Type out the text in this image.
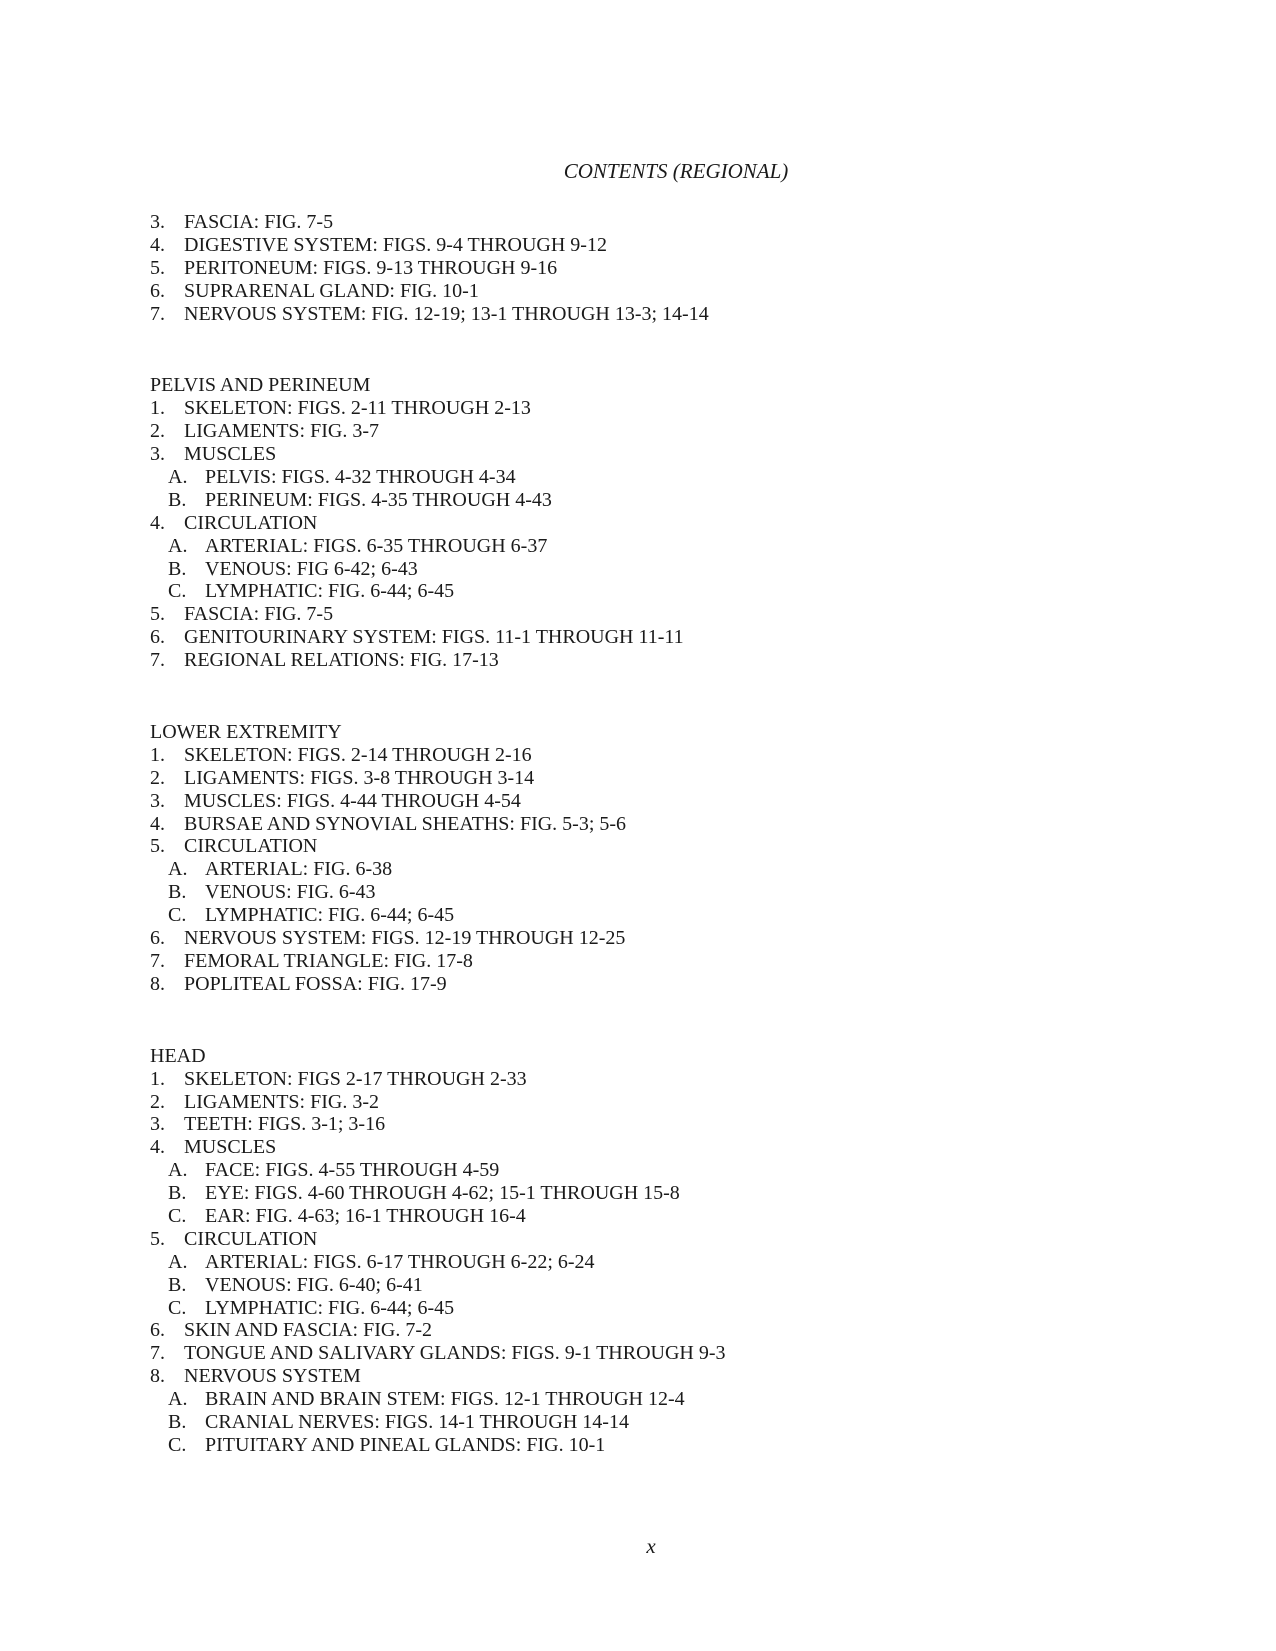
CONTENTS (REGIONAL)
3. FASCIA: FIG. 7-5
4. DIGESTIVE SYSTEM: FIGS. 9-4 THROUGH 9-12
5. PERITONEUM: FIGS. 9-13 THROUGH 9-16
6. SUPRARENAL GLAND: FIG. 10-1
7. NERVOUS SYSTEM: FIG. 12-19; 13-1 THROUGH 13-3; 14-14
PELVIS AND PERINEUM
1. SKELETON: FIGS. 2-11 THROUGH 2-13
2. LIGAMENTS: FIG. 3-7
3. MUSCLES
A. PELVIS: FIGS. 4-32 THROUGH 4-34
B. PERINEUM: FIGS. 4-35 THROUGH 4-43
4. CIRCULATION
A. ARTERIAL: FIGS. 6-35 THROUGH 6-37
B. VENOUS: FIG 6-42; 6-43
C. LYMPHATIC: FIG. 6-44; 6-45
5. FASCIA: FIG. 7-5
6. GENITOURINARY SYSTEM: FIGS. 11-1 THROUGH 11-11
7. REGIONAL RELATIONS: FIG. 17-13
LOWER EXTREMITY
1. SKELETON: FIGS. 2-14 THROUGH 2-16
2. LIGAMENTS: FIGS. 3-8 THROUGH 3-14
3. MUSCLES: FIGS. 4-44 THROUGH 4-54
4. BURSAE AND SYNOVIAL SHEATHS: FIG. 5-3; 5-6
5. CIRCULATION
A. ARTERIAL: FIG. 6-38
B. VENOUS: FIG. 6-43
C. LYMPHATIC: FIG. 6-44; 6-45
6. NERVOUS SYSTEM: FIGS. 12-19 THROUGH 12-25
7. FEMORAL TRIANGLE: FIG. 17-8
8. POPLITEAL FOSSA: FIG. 17-9
HEAD
1. SKELETON: FIGS 2-17 THROUGH 2-33
2. LIGAMENTS: FIG. 3-2
3. TEETH: FIGS. 3-1; 3-16
4. MUSCLES
A. FACE: FIGS. 4-55 THROUGH 4-59
B. EYE: FIGS. 4-60 THROUGH 4-62; 15-1 THROUGH 15-8
C. EAR: FIG. 4-63; 16-1 THROUGH 16-4
5. CIRCULATION
A. ARTERIAL: FIGS. 6-17 THROUGH 6-22; 6-24
B. VENOUS: FIG. 6-40; 6-41
C. LYMPHATIC: FIG. 6-44; 6-45
6. SKIN AND FASCIA: FIG. 7-2
7. TONGUE AND SALIVARY GLANDS: FIGS. 9-1 THROUGH 9-3
8. NERVOUS SYSTEM
A. BRAIN AND BRAIN STEM: FIGS. 12-1 THROUGH 12-4
B. CRANIAL NERVES: FIGS. 14-1 THROUGH 14-14
C. PITUITARY AND PINEAL GLANDS: FIG. 10-1
x
